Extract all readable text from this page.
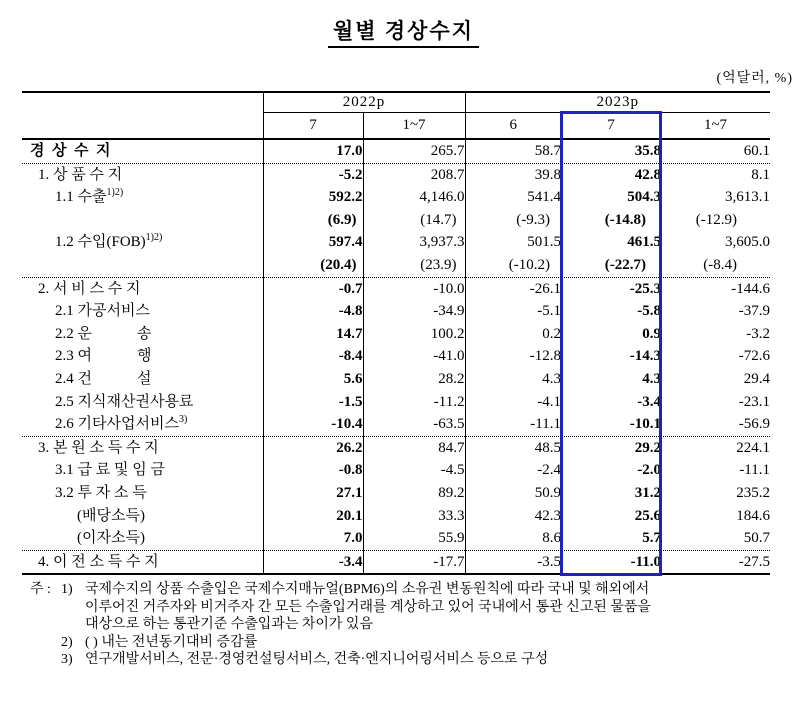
월별 경상수지
(억달러, %)
	2022p		2023p		
	7	1~7	6	7	1~7
경  상  수  지	17.0	265.7	58.7	35.8	60.1
1. 상 품 수 지	-5.2	208.7	39.8	42.8	8.1
1.1 수출$^{1)2)}$	592.2	4,146.0	541.4	504.3	3,613.1
	(6.9)	(14.7)	(-9.3)	(-14.8)	(-12.9)
1.2 수입(FOB)$^{1)2)}$	597.4	3,937.3	501.5	461.5	3,605.0
	(20.4)	(23.9)	(-10.2)	(-22.7)	(-8.4)
2. 서 비 스 수 지	-0.7	-10.0	-26.1	-25.3	-144.6
2.1 가공서비스	-4.8	-34.9	-5.1	-5.8	-37.9
2.2 운　　　송	14.7	100.2	0.2	0.9	-3.2
2.3 여　　　행	-8.4	-41.0	-12.8	-14.3	-72.6
2.4 건　　　설	5.6	28.2	4.3	4.3	29.4
2.5 지식재산권사용료	-1.5	-11.2	-4.1	-3.4	-23.1
2.6 기타사업서비스$^{3)}$	-10.4	-63.5	-11.1	-10.1	-56.9
3. 본 원 소 득 수 지	26.2	84.7	48.5	29.2	224.1
3.1 급 료 및 임 금	-0.8	-4.5	-2.4	-2.0	-11.1
3.2 투 자 소 득	27.1	89.2	50.9	31.2	235.2
(배당소득)	20.1	33.3	42.3	25.6	184.6
(이자소득)	7.0	55.9	8.6	5.7	50.7
4. 이 전 소 득 수 지	-3.4	-17.7	-3.5	-11.0	-27.5
주 : 1) 국제수지의 상품 수출입은 국제수지매뉴얼(BPM6)의 소유권 변동원칙에 따라 국내 및 해외에서
이루어진 거주자와 비거주자 간 모든 수출입거래를 계상하고 있어 국내에서 통관 신고된 물품을
대상으로 하는 통관기준 수출입과는 차이가 있음
2) ( ) 내는 전년동기대비 증감률
3) 연구개발서비스, 전문·경영컨설팅서비스, 건축·엔지니어링서비스 등으로 구성
